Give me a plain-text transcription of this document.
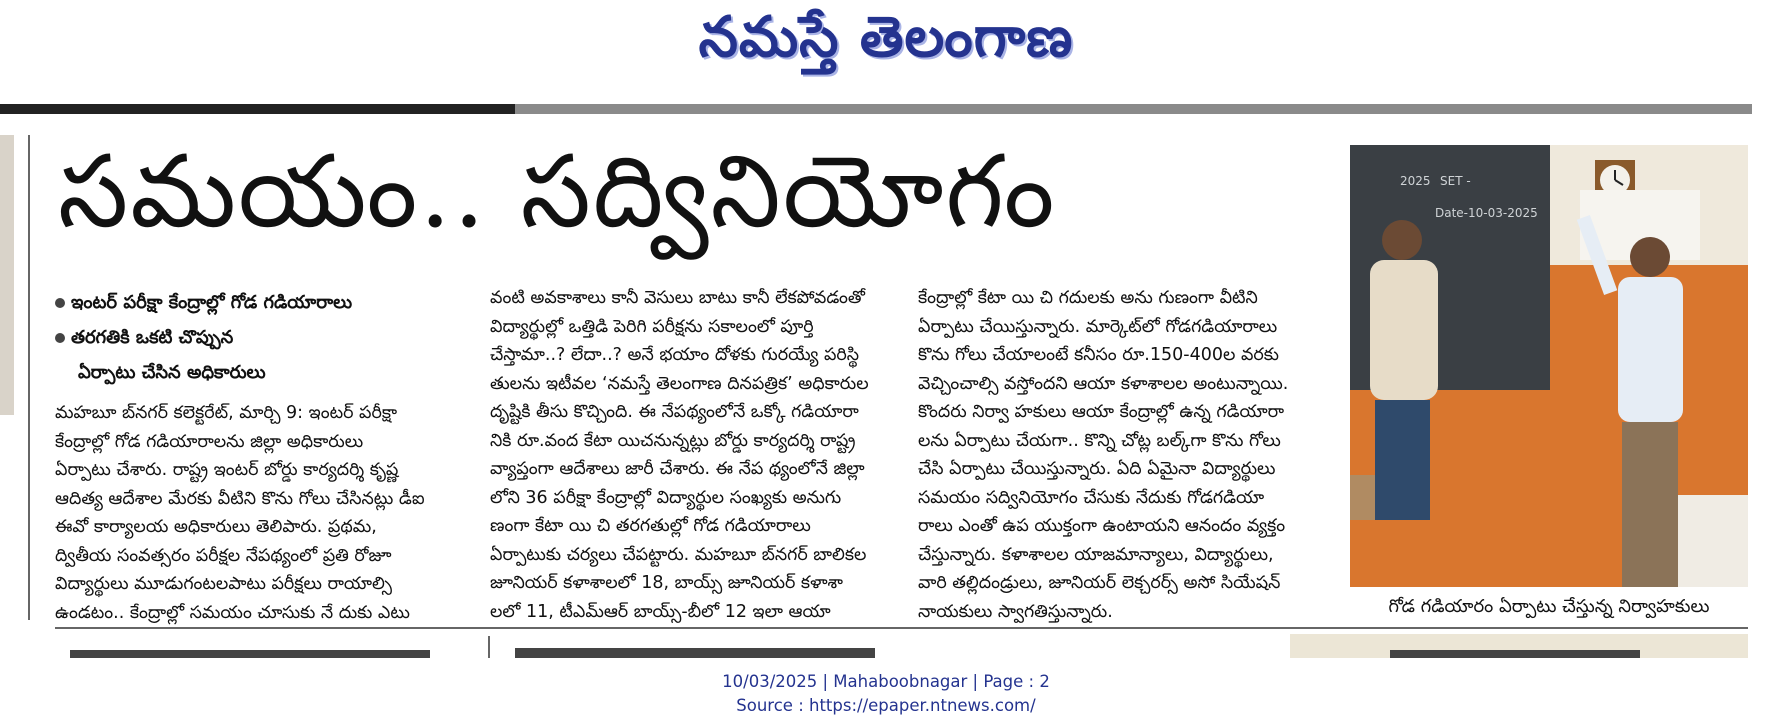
నమస్తే తెలంగాణ
సమయం.. సద్వినియోగం
ఇంటర్‌ పరీక్షా కేంద్రాల్లో గోడ గడియారాలు
తరగతికి ఒకటి చొప్పున
ఏర్పాటు చేసిన అధికారులు
మహబూ బ్‌నగర్‌ కలెక్టరేట్‌, మార్చి 9: ఇంటర్‌ పరీక్షా
కేంద్రాల్లో గోడ గడియారాలను జిల్లా అధికారులు
ఏర్పాటు చేశారు. రాష్ట్ర ఇంటర్‌ బోర్డు కార్యదర్శి కృష్ణ
ఆదిత్య ఆదేశాల మేరకు వీటిని కొను గోలు చేసినట్లు డీఐ
ఈవో కార్యాలయ అధికారులు తెలిపారు. ప్రథమ,
ద్వితీయ సంవత్సరం పరీక్షల నేపథ్యంలో ప్రతి రోజూ
విద్యార్థులు మూడుగంటలపాటు పరీక్షలు రాయాల్సి
ఉండటం.. కేంద్రాల్లో సమయం చూసుకు నే దుకు ఎటు
వంటి అవకాశాలు కానీ వెసులు బాటు కానీ లేకపోవడంతో
విద్యార్థుల్లో ఒత్తిడి పెరిగి పరీక్షను సకాలంలో పూర్తి
చేస్తామా..? లేదా..? అనే భయాం దోళకు గురయ్యే పరిస్థి
తులను ఇటీవల ‘నమస్తే తెలంగాణ దినపత్రిక’ అధికారుల
దృష్టికి తీసు కొచ్చింది. ఈ నేపథ్యంలోనే ఒక్కో గడియారా
నికి రూ.వంద కేటా యిచనున్నట్లు బోర్డు కార్యదర్శి రాష్ట్ర
వ్యాప్తంగా ఆదేశాలు జారీ చేశారు. ఈ నేప థ్యంలోనే జిల్లా
లోని 36 పరీక్షా కేంద్రాల్లో విద్యార్థుల సంఖ్యకు అనుగు
ణంగా కేటా యి చి తరగతుల్లో గోడ గడియారాలు
ఏర్పాటుకు చర్యలు చేపట్టారు. మహబూ బ్‌నగర్‌ బాలికల
జూనియర్‌ కళాశాలలో 18, బాయ్స్‌ జూనియర్‌ కళాశా
లలో 11, టీఎమ్‌ఆర్‌ బాయ్స్‌-బీలో 12 ఇలా ఆయా
కేంద్రాల్లో కేటా యి చి గదులకు అను గుణంగా వీటిని
ఏర్పాటు చేయిస్తున్నారు. మార్కెట్‌లో గోడగడియారాలు
కొను గోలు చేయాలంటే కనీసం రూ.150-400ల వరకు
వెచ్చించాల్సి వస్తోందని ఆయా కళాశాలల అంటున్నాయి.
కొందరు నిర్వా హకులు ఆయా కేంద్రాల్లో ఉన్న గడియారా
లను ఏర్పాటు చేయగా.. కొన్ని చోట్ల బల్క్‌గా కొను గోలు
చేసి ఏర్పాటు చేయిస్తున్నారు. ఏది ఏమైనా విద్యార్థులు
సమయం సద్వినియోగం చేసుకు నేదుకు గోడగడియా
రాలు ఎంతో ఉప యుక్తంగా ఉంటాయని ఆనందం వ్యక్తం
చేస్తున్నారు. కళాశాలల యాజమాన్యాలు, విద్యార్థులు,
వారి తల్లిదండ్రులు, జూనియర్‌ లెక్చరర్స్‌ అసో సియేషన్‌
నాయకులు స్వాగతిస్తున్నారు.
2025 SET -
Date-10-03-2025
గోడ గడియారం ఏర్పాటు చేస్తున్న నిర్వాహకులు
10/03/2025 | Mahaboobnagar | Page : 2
Source : https://epaper.ntnews.com/
